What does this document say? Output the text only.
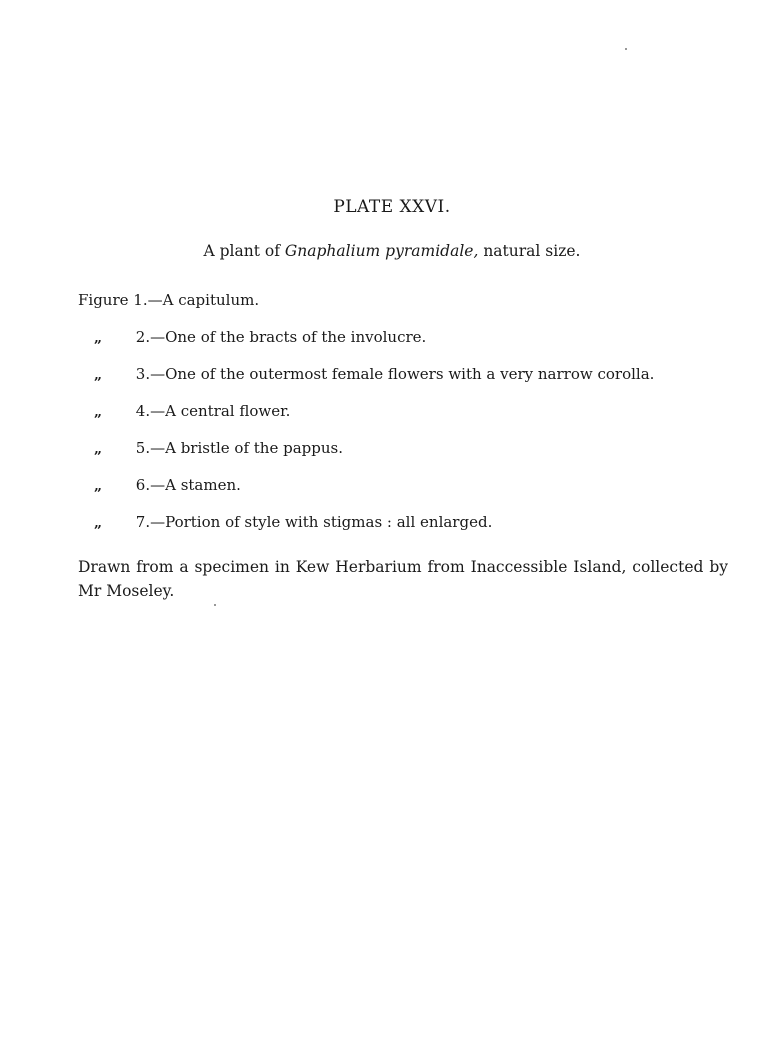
PLATE XXVI.
A plant of Gnaphalium pyramidale, natural size.
Figure 1.—A capitulum.
„ 2.—One of the bracts of the involucre.
„ 3.—One of the outermost female flowers with a very narrow corolla.
„ 4.—A central flower.
„ 5.—A bristle of the pappus.
„ 6.—A stamen.
„ 7.—Portion of style with stigmas : all enlarged.
Drawn from a specimen in Kew Herbarium from Inaccessible Island, collected by
Mr Moseley.
